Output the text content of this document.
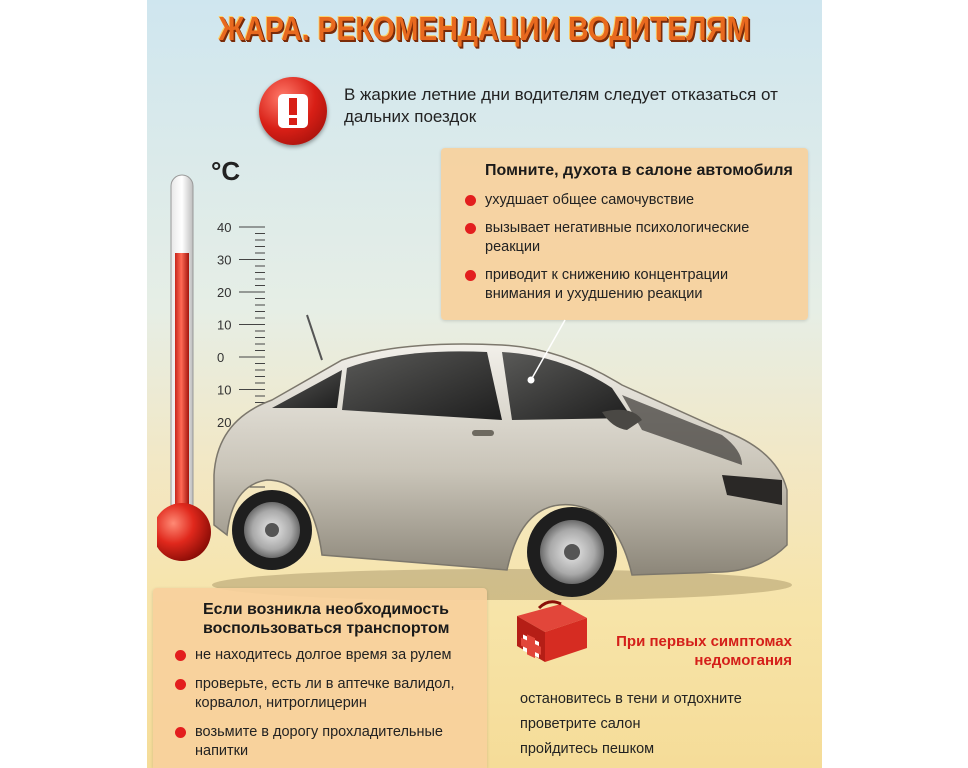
ЖАРА. РЕКОМЕНДАЦИИ ВОДИТЕЛЯМ
В жаркие летние дни водителям следует отказаться от дальних поездок
°C
40
30
20
10
0
10
20
Помните, духота в салоне автомобиля
ухудшает общее самочувствие
вызывает негативные психологические реакции
приводит к снижению концентрации внимания и ухудшению реакции
Если возникла необходимость воспользоваться транспортом
не находитесь долгое время за рулем
проверьте, есть ли в аптечке валидол, корвалол, нитроглицерин
возьмите в дорогу прохладительные напитки
При первых симптомах недомогания
остановитесь в тени и отдохните
проветрите салон
пройдитесь пешком
